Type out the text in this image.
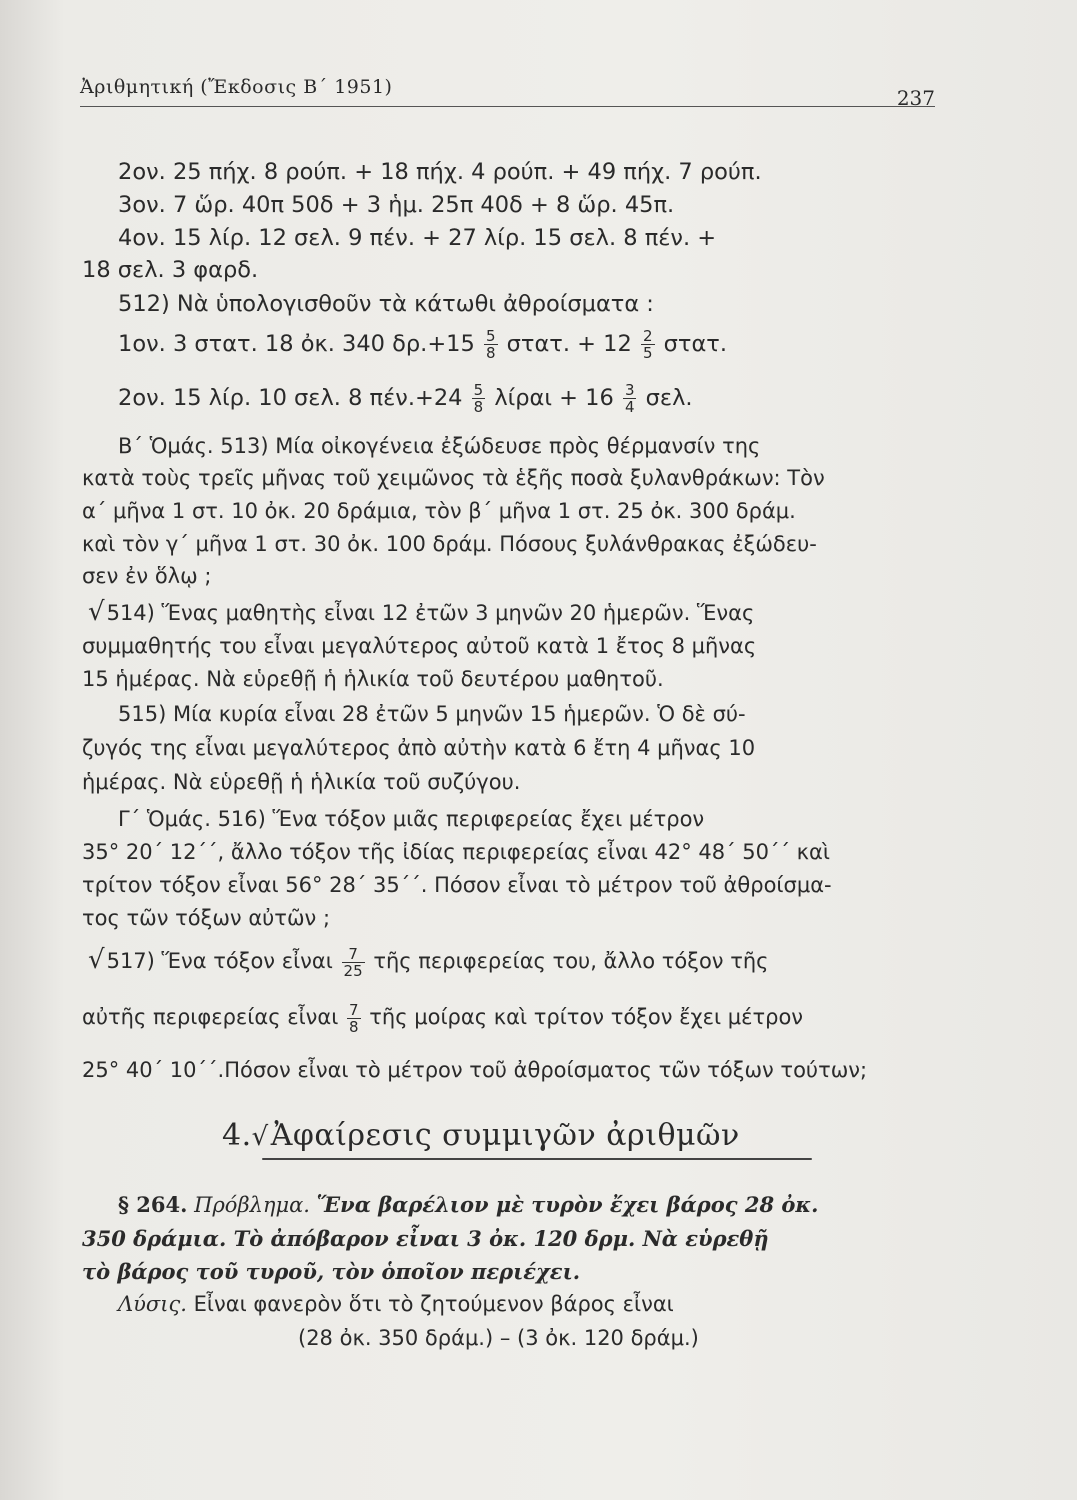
Ἀριθμητική (Ἔκδοσις Β΄ 1951)	237
2ον. 25 πήχ. 8 ρούπ. + 18 πήχ. 4 ρούπ. + 49 πήχ. 7 ρούπ.
3ον. 7 ὥρ. 40π 50δ + 3 ἡμ. 25π 40δ + 8 ὥρ. 45π.
4ον. 15 λίρ. 12 σελ. 9 πέν. + 27 λίρ. 15 σελ. 8 πέν. +
18 σελ. 3 φαρδ.
512) Νὰ ὑπολογισθοῦν τὰ κάτωθι ἀθροίσματα :
1ον. 3 στατ. 18 ὀκ. 340 $\delta\rho.+15 \frac{5}{8} \sigma\tau\alpha\tau$. + $12 \frac{2}{5} \sigma\tau\alpha\tau$.
2ον. 15 λίρ. 10 σελ. 8 $\pi έ\nu.+24 \frac{5}{8}$ $\lambda ί\rho\alpha\iota + 16 \frac{3}{4} \sigma\varepsilon\lambda$.
Β΄ Ὁμάς. 513) Μία οἰκογένεια ἐξώδευσε πρὸς θέρμανσίν της
κατὰ τοὺς τρεῖς μῆνας τοῦ χειμῶνος τὰ ἑξῆς ποσὰ ξυλανθράκων: Τὸν
α΄ μῆνα 1 στ. 10 ὀκ. 20 δράμια, τὸν β΄ μῆνα 1 στ. 25 ὀκ. 300 δράμ.
καὶ τὸν γ΄ μῆνα 1 στ. 30 ὀκ. 100 δράμ. Πόσους ξυλάνθρακας ἐξώδευ-
σεν ἐν ὅλῳ ;
√514) Ἕνας μαθητὴς εἶναι 12 ἐτῶν 3 μηνῶν 20 ἡμερῶν. Ἕνας
συμμαθητής του εἶναι μεγαλύτερος αὐτοῦ κατὰ 1 ἔτος 8 μῆνας
15 ἡμέρας. Νὰ εὑρεθῇ ἡ ἡλικία τοῦ δευτέρου μαθητοῦ.
515) Μία κυρία εἶναι 28 ἐτῶν 5 μηνῶν 15 ἡμερῶν. Ὁ δὲ σύ-
ζυγός της εἶναι μεγαλύτερος ἀπὸ αὐτὴν κατὰ 6 ἔτη 4 μῆνας 10
ἡμέρας. Νὰ εὑρεθῇ ἡ ἡλικία τοῦ συζύγου.
Γ΄ Ὁμάς. 516) Ἕνα τόξον μιᾶς περιφερείας ἔχει μέτρον
35° 20΄ 12΄΄, ἄλλο τόξον τῆς ἰδίας περιφερείας εἶναι 42° 48΄ 50΄΄ καὶ
τρίτον τόξον εἶναι 56° 28΄ 35΄΄. Πόσον εἶναι τὸ μέτρον τοῦ ἀθροίσμα-
τος τῶν τόξων αὐτῶν ;
√517) Ἕνα τόξον εἶναι $\frac{7}{25}$ τῆς περιφερείας του, ἄλλο τόξον τῆς
αὐτῆς περιφερείας εἶναι $\frac{7}{8}$ τῆς μοίρας καὶ τρίτον τόξον ἔχει μέτρον
25° 40΄ 10΄΄.Πόσον εἶναι τὸ μέτρον τοῦ ἀθροίσματος τῶν τόξων τούτων;
4.√Ἀφαίρεσις συμμιγῶν ἀριθμῶν
§ 264. Πρόβλημα. Ἕνα βαρέλιον μὲ τυρὸν ἔχει βάρος 28 ὀκ.
350 δράμια. Τὸ ἀπόβαρον εἶναι 3 ὀκ. 120 δρμ. Νὰ εὑρεθῇ
τὸ βάρος τοῦ τυροῦ, τὸν ὁποῖον περιέχει.
Λύσις. Εἶναι φανερὸν ὅτι τὸ ζητούμενον βάρος εἶναι
(28 ὀκ. 350 δράμ.) – (3 ὀκ. 120 δράμ.)
